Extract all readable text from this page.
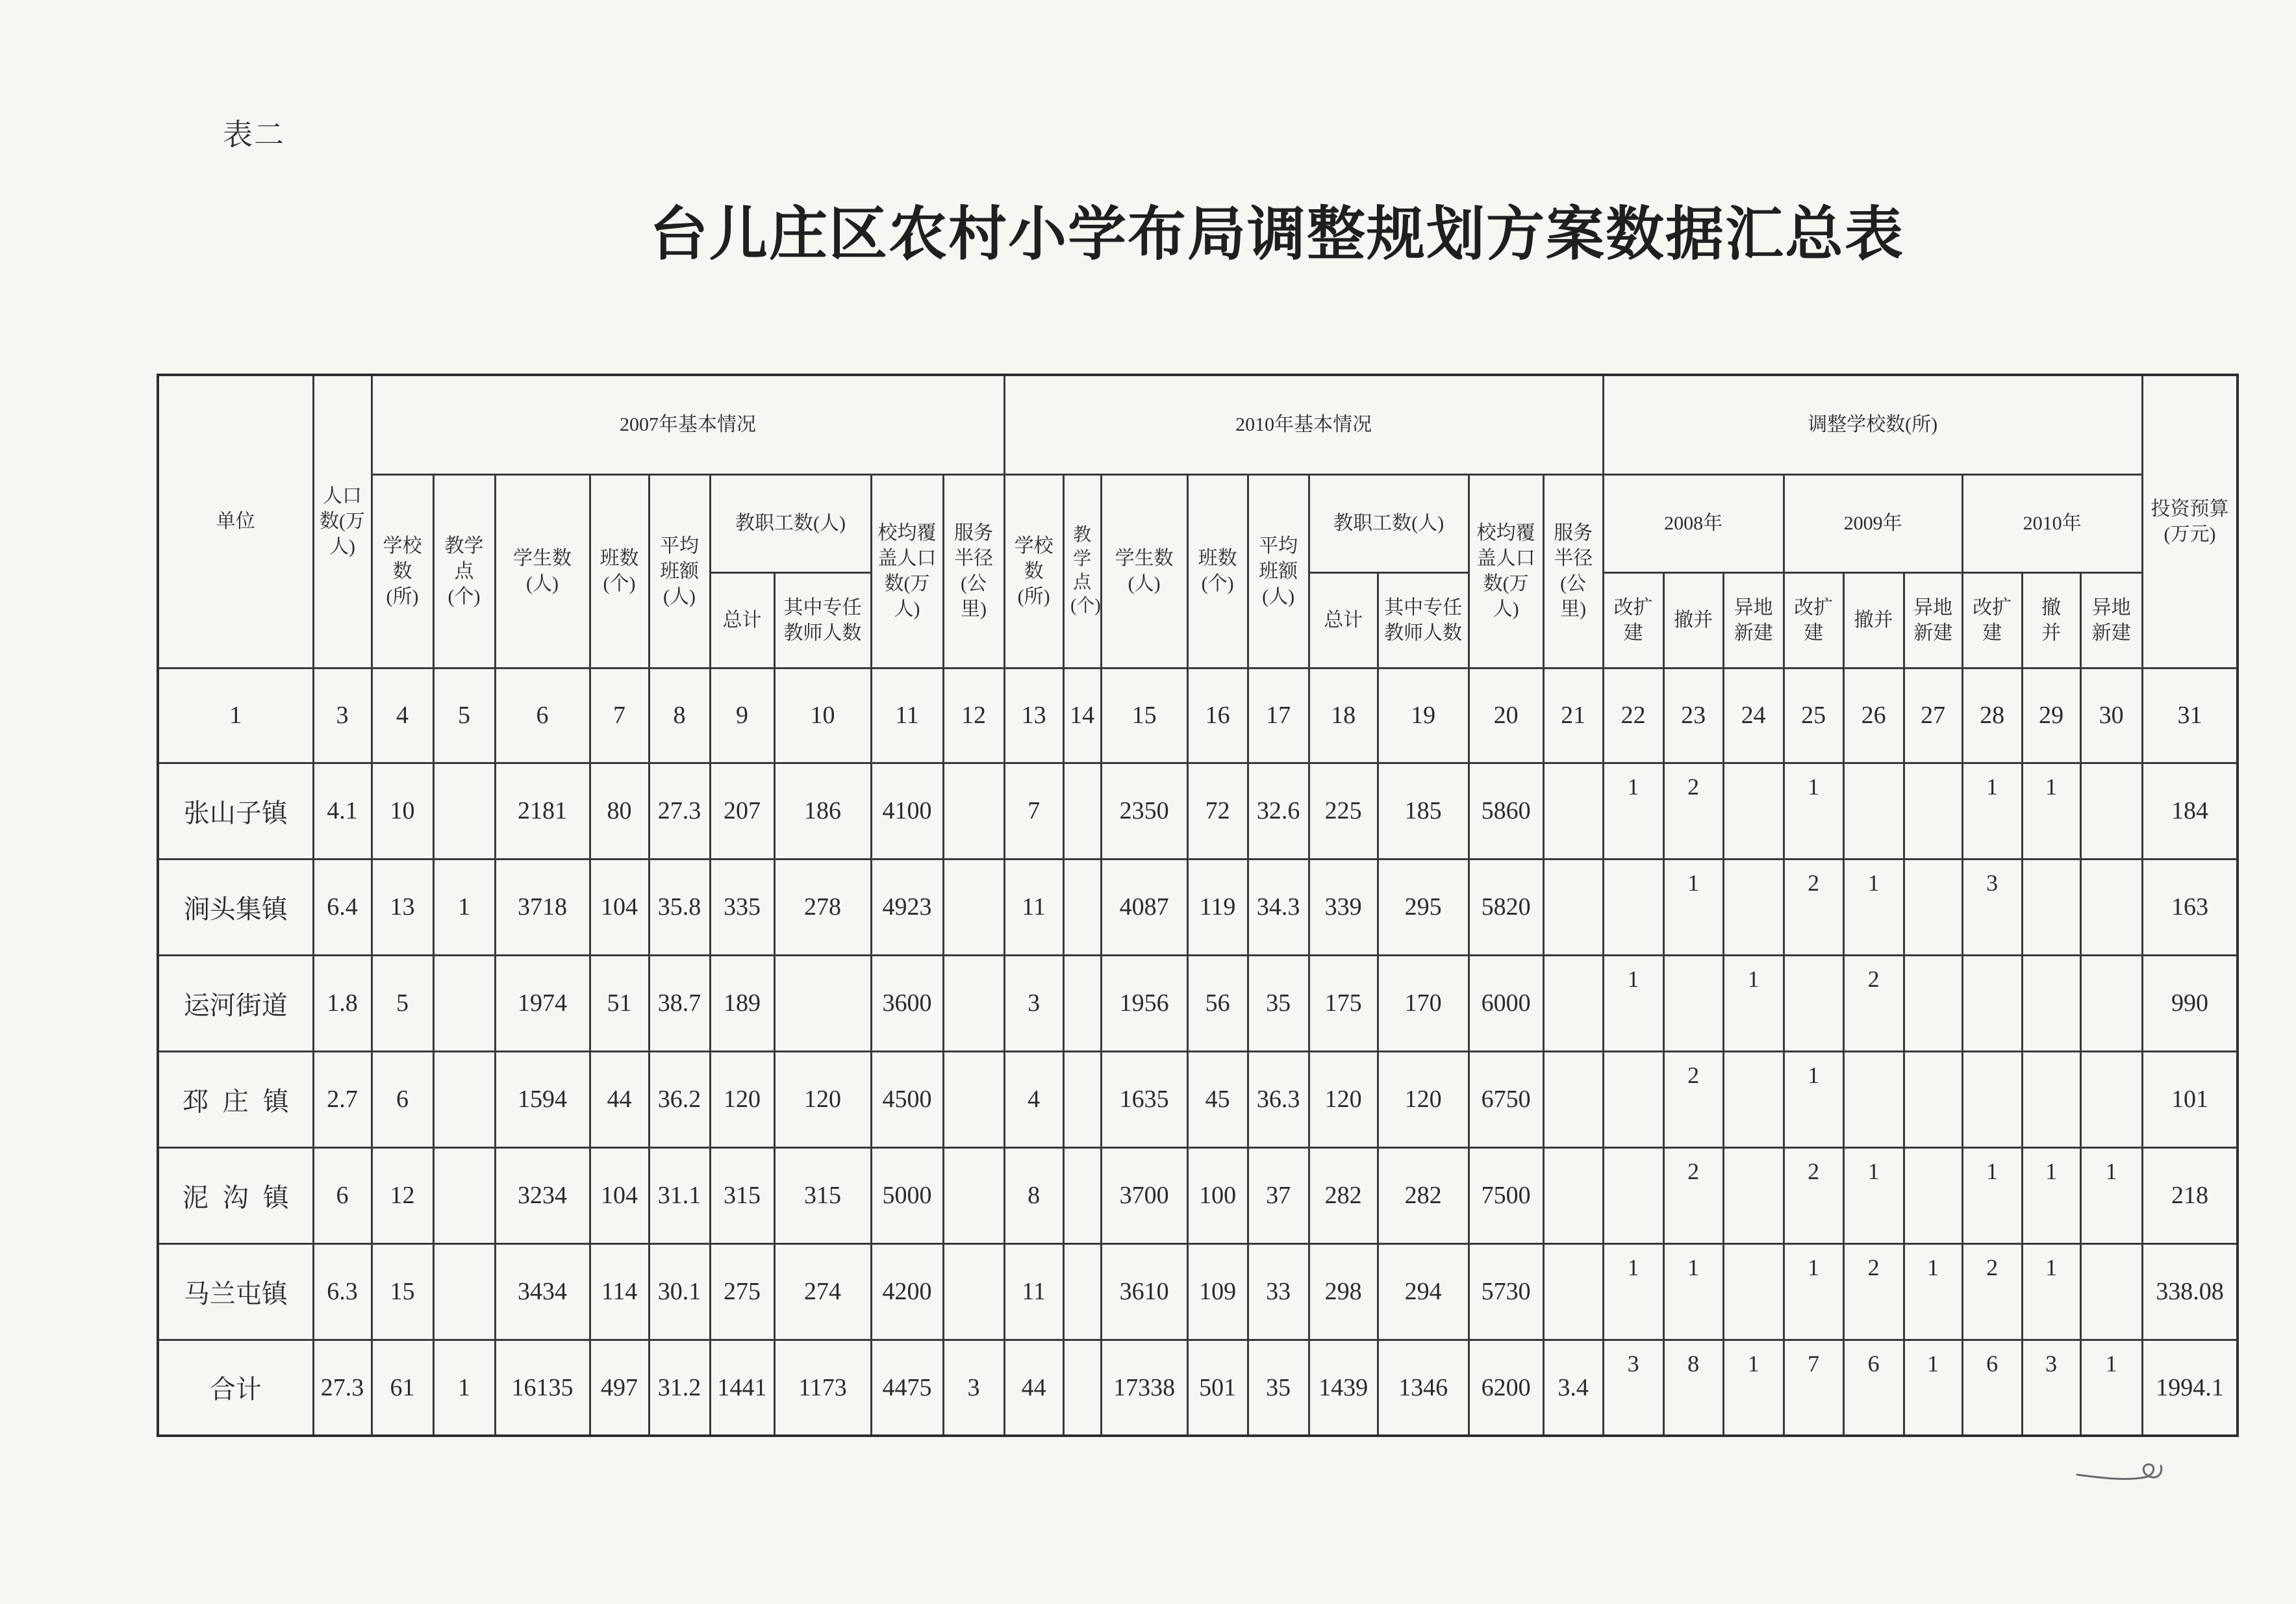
表二
台儿庄区农村小学布局调整规划方案数据汇总表
单位	人口数(万人)	2007年基本情况									2010年基本情况									调整学校数(所)									投资预算(万元)
		学校数(所)	教学点(个)	学生数(人)	班数(个)	平均班额(人)	教职工数(人)		校均覆盖人口数(万人)	服务半径(公里)	学校数(所)	教学点(个)	学生数(人)	班数(个)	平均班额(人)	教职工数(人)		校均覆盖人口数(万人)	服务半径(公里)	2008年			2009年			2010年			
							总计	其中专任教师人数								总计	其中专任教师人数			改扩建	撤并	异地新建	改扩建	撤并	异地新建	改扩建	撤并	异地新建	
1	3	4	5	6	7	8	9	10	11	12	13	14	15	16	17	18	19	20	21	22	23	24	25	26	27	28	29	30	31
张山子镇	4.1	10		2181	80	27.3	207	186	4100		7		2350	72	32.6	225	185	5860		1	2		1			1	1		184
涧头集镇	6.4	13	1	3718	104	35.8	335	278	4923		11		4087	119	34.3	339	295	5820			1		2	1		3			163
运河街道	1.8	5		1974	51	38.7	189		3600		3		1956	56	35	175	170	6000		1		1		2					990
邳庄镇	2.7	6		1594	44	36.2	120	120	4500		4		1635	45	36.3	120	120	6750			2		1						101
泥沟镇	6	12		3234	104	31.1	315	315	5000		8		3700	100	37	282	282	7500			2		2	1		1	1	1	218
马兰屯镇	6.3	15		3434	114	30.1	275	274	4200		11		3610	109	33	298	294	5730		1	1		1	2	1	2	1		338.08
合计	27.3	61	1	16135	497	31.2	1441	1173	4475	3	44		17338	501	35	1439	1346	6200	3.4	3	8	1	7	6	1	6	3	1	1994.1
